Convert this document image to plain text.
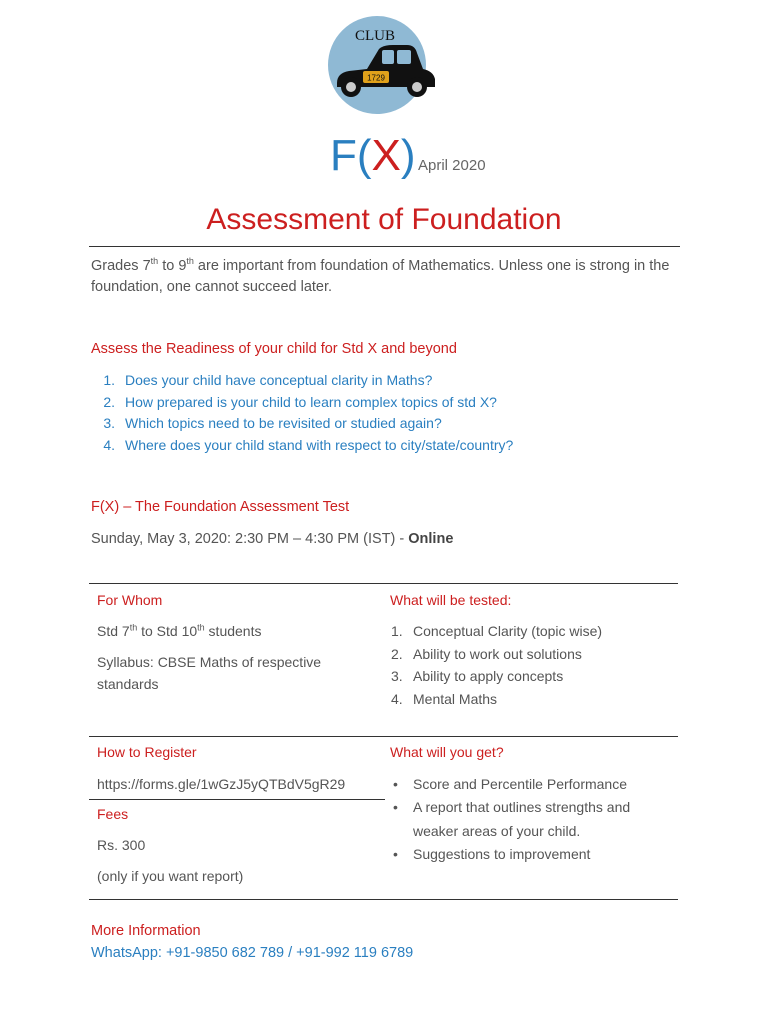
CLUB
1729
F(X) April 2020
Assessment of Foundation
Grades 7th to 9th are important from foundation of Mathematics. Unless one is strong in the foundation, one cannot succeed later.
Assess the Readiness of your child for Std X and beyond
1. Does your child have conceptual clarity in Maths?
2. How prepared is your child to learn complex topics of std X?
3. Which topics need to be revisited or studied again?
4. Where does your child stand with respect to city/state/country?
F(X) – The Foundation Assessment Test
Sunday, May 3, 2020: 2:30 PM – 4:30 PM (IST) - Online
For Whom
Std 7th to Std 10th students
Syllabus: CBSE Maths of respective standards
What will be tested:
1. Conceptual Clarity (topic wise)
2. Ability to work out solutions
3. Ability to apply concepts
4. Mental Maths
How to Register
https://forms.gle/1wGzJ5yQTBdV5gR29
Fees
Rs. 300
(only if you want report)
What will you get?
• Score and Percentile Performance
• A report that outlines strengths and weaker areas of your child.
• Suggestions to improvement
More Information
WhatsApp: +91-9850 682 789 / +91-992 119 6789
